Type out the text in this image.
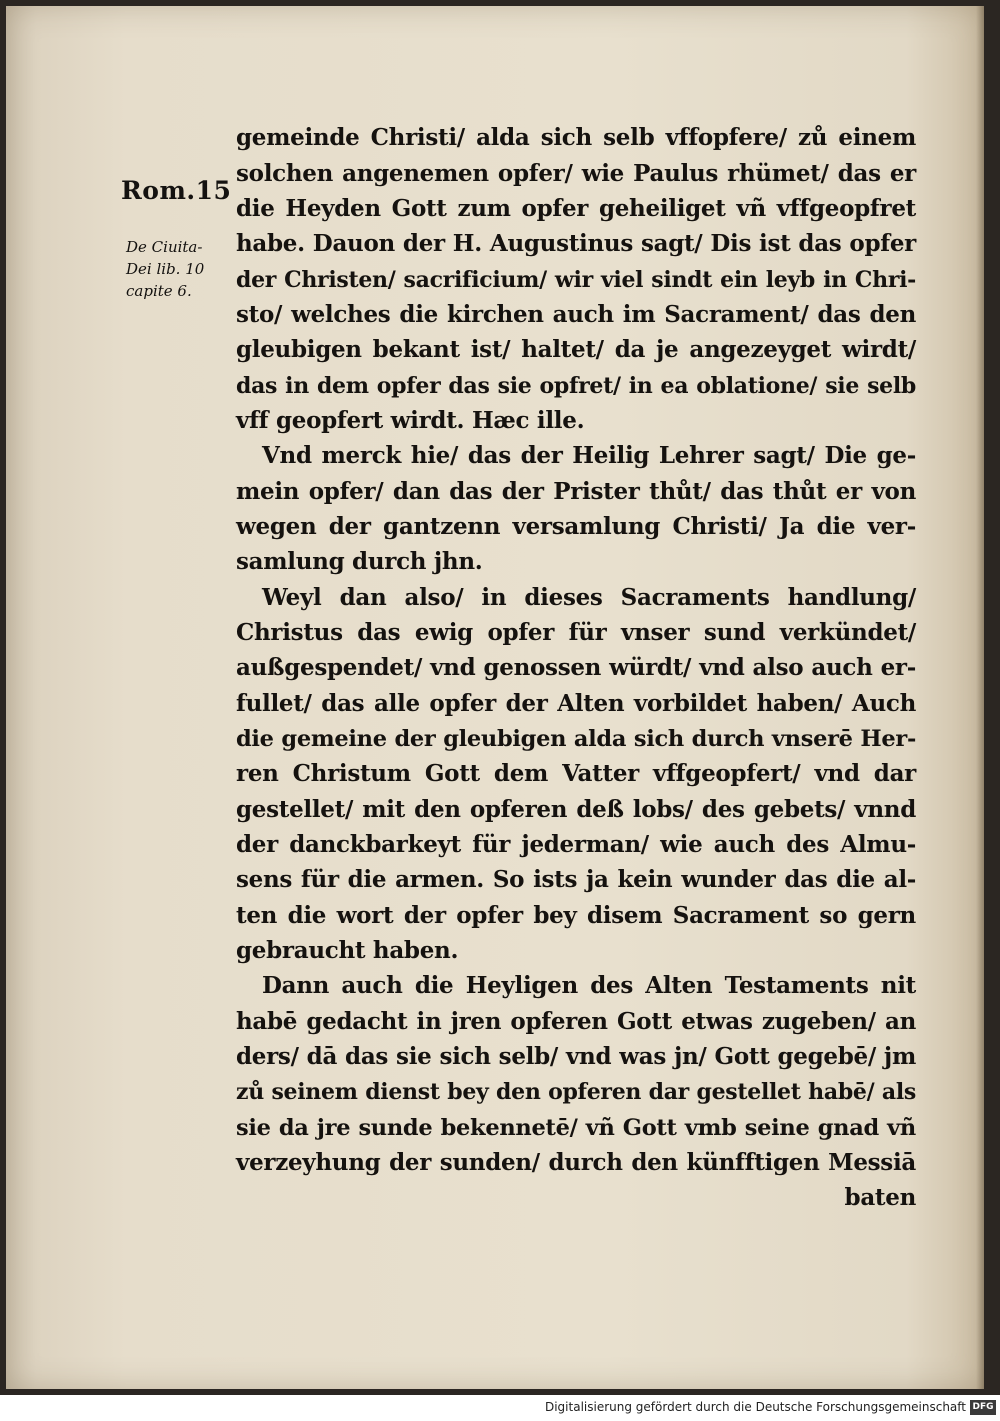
Rom.15
De Ciuita-
Dei lib. 10
capite 6.
gemeinde Christi/ alda sich selb vffopfere/ zů einem
solchen angenemen opfer/ wie Paulus rhümet/ das er
die Heyden Gott zum opfer geheiliget vñ vffgeopfret
habe. Dauon der H. Augustinus sagt/ Dis ist das opfer
der Christen/ sacrificium/ wir viel sindt ein leyb in Chri-
sto/ welches die kirchen auch im Sacrament/ das den
gleubigen bekant ist/ haltet/ da je angezeyget wirdt/
das in dem opfer das sie opfret/ in ea oblatione/ sie selb
vff geopfert wirdt. Hæc ille.
Vnd merck hie/ das der Heilig Lehrer sagt/ Die ge-
mein opfer/ dan das der Prister thůt/ das thůt er von
wegen der gantzenn versamlung Christi/ Ja die ver-
samlung durch jhn.
Weyl dan also/ in dieses Sacraments handlung/
Christus das ewig opfer für vnser sund verkündet/
außgespendet/ vnd genossen würdt/ vnd also auch er-
fullet/ das alle opfer der Alten vorbildet haben/ Auch
die gemeine der gleubigen alda sich durch vnserē Her-
ren Christum Gott dem Vatter vffgeopfert/ vnd dar
gestellet/ mit den opferen deß lobs/ des gebets/ vnnd
der danckbarkeyt für jederman/ wie auch des Almu-
sens für die armen. So ists ja kein wunder das die al-
ten die wort der opfer bey disem Sacrament so gern
gebraucht haben.
Dann auch die Heyligen des Alten Testaments nit
habē gedacht in jren opferen Gott etwas zugeben/ an
ders/ dā das sie sich selb/ vnd was jn/ Gott gegebē/ jm
zů seinem dienst bey den opferen dar gestellet habē/ als
sie da jre sunde bekennetē/ vñ Gott vmb seine gnad vñ
verzeyhung der sunden/ durch den künfftigen Messiā
baten
Digitalisierung gefördert durch die Deutsche Forschungsgemeinschaft DFG
